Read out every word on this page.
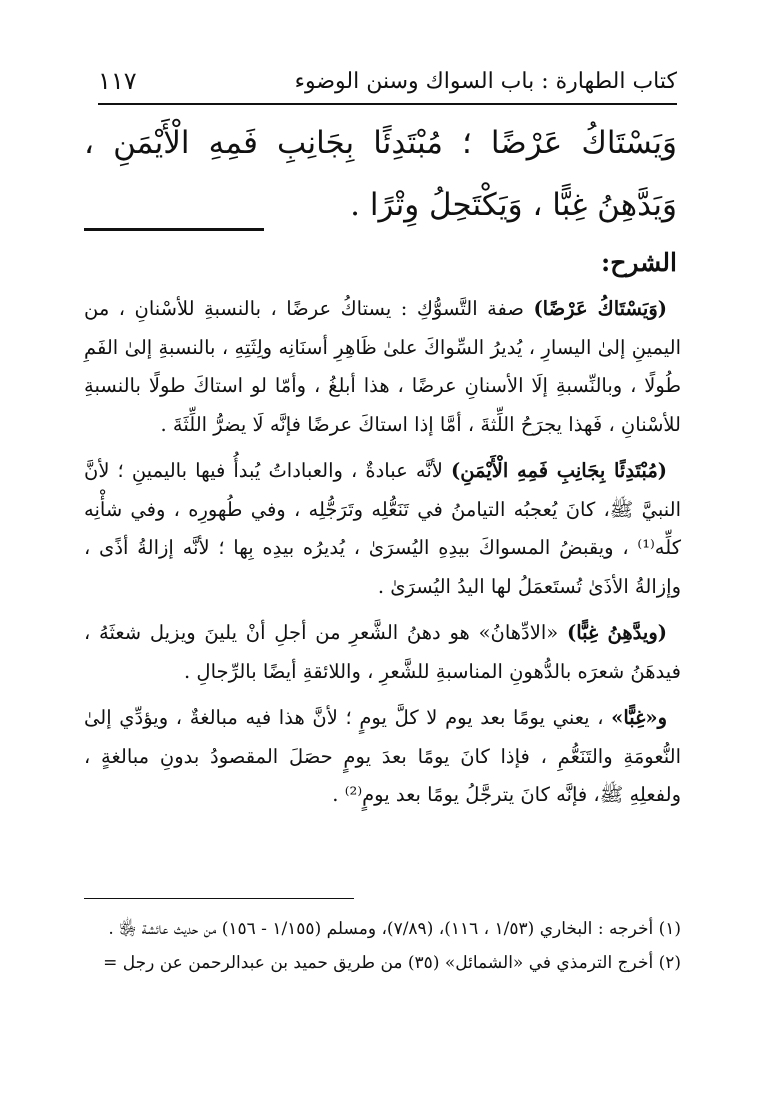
كتاب الطهارة : باب السواك وسنن الوضوء
١١٧
وَيَسْتَاكُ عَرْضًا ؛ مُبْتَدِئًا بِجَانِبِ فَمِهِ الْأَيْمَنِ ، وَيَدَّهِنُ غِبًّا ، وَيَكْتَحِلُ وِتْرًا .
الشرح:

(وَيَسْتَاكُ عَرْضًا) صفة التَّسوُّكِ : يستاكُ عرضًا ، بالنسبةِ للأسْنانِ ، من اليمينِ إلىٰ اليسارِ ، يُديرُ السِّواكَ علىٰ ظَاهِرِ أسنَانِه ولِثَتِهِ ، بالنسبةِ إلىٰ الفَمِ طُولًا ، وبالنِّسبةِ إلَا الأسنانِ عرضًا ، هذا أبلغُ ، وأمّا لو استاكَ طولًا بالنسبةِ للأسْنانِ ، فَهذا يجرَحُ اللِّثةَ ، أمَّا إذا استاكَ عرضًا فإنَّه لَا يضرُّ اللِّثَةَ .

(مُبْتَدِئًا بِجَانِبِ فَمِهِ الْأَيْمَنِ) لأنَّه عبادةٌ ، والعباداتُ يُبدأُ فيها باليمينِ ؛ لأنَّ النبيَّ ﷺ، كانَ يُعجبُه التيامنُ في تَنَعُّلِه وتَرَجُّلِه ، وفي طُهورِه ، وفي شأْنِه كلِّه⁽¹⁾ ، ويقبضُ المسواكَ بيدِهِ اليُسرَىٰ ، يُديرُه بيدِه بِها ؛ لأنَّه إزالةُ أذًى ، وإزالةُ الأذَىٰ تُستَعمَلُ لها اليدُ اليُسرَىٰ .

(ويدَّهِنُ غِبًّا) «الادِّهانُ» هو دهنُ الشَّعرِ من أجلِ أنْ يلينَ ويزيل شعثَهُ ، فيدهَنُ شعرَه بالدُّهونِ المناسبةِ للشَّعرِ ، واللائقةِ أيضًا بالرِّجالِ .

و«غِبًّا» ، يعني يومًا بعد يوم لا كلَّ يومٍ ؛ لأنَّ هذا فيه مبالغةٌ ، ويؤدِّي إلىٰ النُّعومَةِ والتَنَعُّمِ ، فإذا كانَ يومًا بعدَ يومٍ حصَلَ المقصودُ بدونِ مبالغةٍ ، ولفعلِهِ ﷺ، فإنَّه كانَ يترجَّلُ يومًا بعد يومٍ⁽²⁾ .

(١) أخرجه : البخاري (١/٥٣ ، ١١٦)، (٧/٨٩)، ومسلم (١/١٥٥ - ١٥٦) من حديث عائشة ﵂ .

(٢) أخرج الترمذي في «الشمائل» (٣٥) من طريق حميد بن عبدالرحمن عن رجل =
